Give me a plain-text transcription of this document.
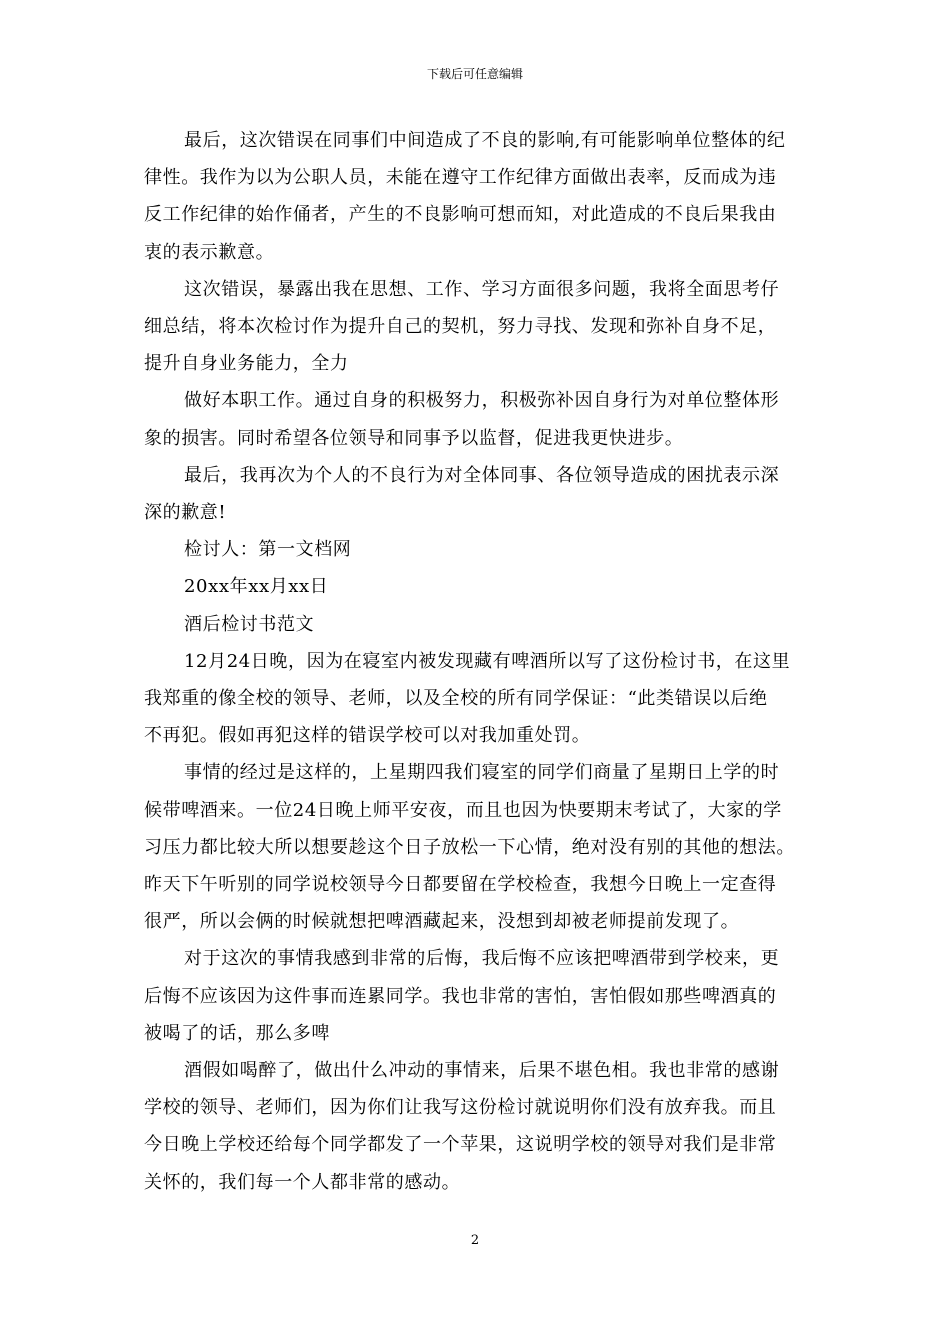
下载后可任意编辑

最后，这次错误在同事们中间造成了不良的影响,有可能影响单位整体的纪
律性。我作为以为公职人员，未能在遵守工作纪律方面做出表率，反而成为违
反工作纪律的始作俑者，产生的不良影响可想而知，对此造成的不良后果我由
衷的表示歉意。

这次错误，暴露出我在思想、工作、学习方面很多问题，我将全面思考仔
细总结，将本次检讨作为提升自己的契机，努力寻找、发现和弥补自身不足，
提升自身业务能力，全力

做好本职工作。通过自身的积极努力，积极弥补因自身行为对单位整体形
象的损害。同时希望各位领导和同事予以监督，促进我更快进步。

最后，我再次为个人的不良行为对全体同事、各位领导造成的困扰表示深
深的歉意!

检讨人：第一文档网

20xx年xx月xx日

酒后检讨书范文

12月24日晚，因为在寝室内被发现藏有啤酒所以写了这份检讨书，在这里
我郑重的像全校的领导、老师，以及全校的所有同学保证：“此类错误以后绝
不再犯。假如再犯这样的错误学校可以对我加重处罚。

事情的经过是这样的，上星期四我们寝室的同学们商量了星期日上学的时
候带啤酒来。一位24日晚上师平安夜，而且也因为快要期末考试了，大家的学
习压力都比较大所以想要趁这个日子放松一下心情，绝对没有别的其他的想法。
昨天下午听别的同学说校领导今日都要留在学校检查，我想今日晚上一定查得
很严，所以会俩的时候就想把啤酒藏起来，没想到却被老师提前发现了。

对于这次的事情我感到非常的后悔，我后悔不应该把啤酒带到学校来，更
后悔不应该因为这件事而连累同学。我也非常的害怕，害怕假如那些啤酒真的
被喝了的话，那么多啤

酒假如喝醉了，做出什么冲动的事情来，后果不堪色相。我也非常的感谢
学校的领导、老师们，因为你们让我写这份检讨就说明你们没有放弃我。而且
今日晚上学校还给每个同学都发了一个苹果，这说明学校的领导对我们是非常
关怀的，我们每一个人都非常的感动。

2
